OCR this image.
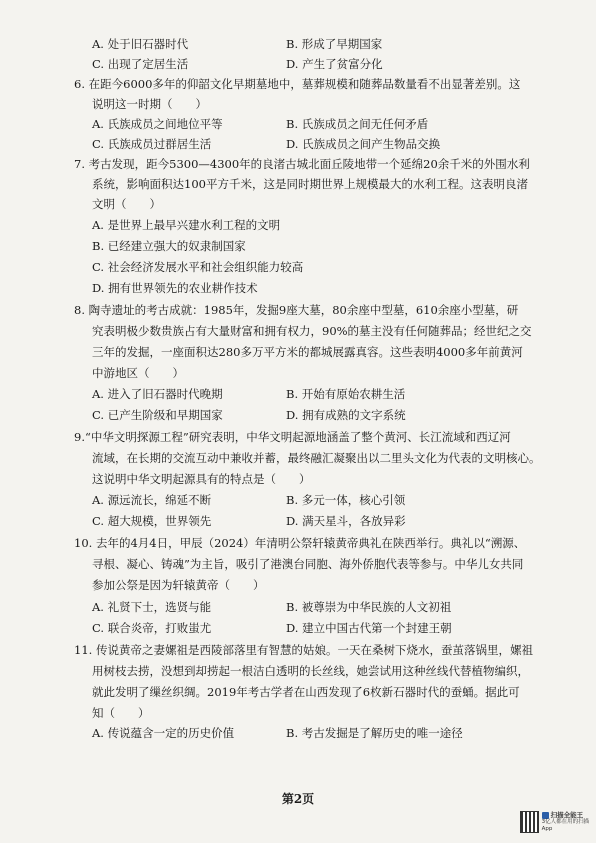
A. 处于旧石器时代	B. 形成了早期国家
C. 出现了定居生活	D. 产生了贫富分化
6. 在距今6000多年的仰韶文化早期墓地中，墓葬规模和随葬品数量看不出显著差别。这
说明这一时期（　　）
A. 氏族成员之间地位平等	B. 氏族成员之间无任何矛盾
C. 氏族成员过群居生活	D. 氏族成员之间产生物品交换
7. 考古发现，距今5300—4300年的良渚古城北面丘陵地带一个延绵20余千米的外围水利
系统，影响面积达100平方千米，这是同时期世界上规模最大的水利工程。这表明良渚
文明（　　）
A. 是世界上最早兴建水利工程的文明
B. 已经建立强大的奴隶制国家
C. 社会经济发展水平和社会组织能力较高
D. 拥有世界领先的农业耕作技术
8. 陶寺遗址的考古成就：1985年，发掘9座大墓，80余座中型墓，610余座小型墓，研
究表明极少数贵族占有大量财富和拥有权力，90%的墓主没有任何随葬品；经世纪之交
三年的发掘，一座面积达280多万平方米的都城展露真容。这些表明4000多年前黄河
中游地区（　　）
A. 进入了旧石器时代晚期	B. 开始有原始农耕生活
C. 已产生阶级和早期国家	D. 拥有成熟的文字系统
9.“中华文明探源工程”研究表明，中华文明起源地涵盖了整个黄河、长江流域和西辽河
流域，在长期的交流互动中兼收并蓄，最终融汇凝聚出以二里头文化为代表的文明核心。
这说明中华文明起源具有的特点是（　　）
A. 源远流长，绵延不断	B. 多元一体，核心引领
C. 超大规模，世界领先	D. 满天星斗，各放异彩
10. 去年的4月4日，甲辰（2024）年清明公祭轩辕黄帝典礼在陕西举行。典礼以“溯源、
寻根、凝心、铸魂”为主旨，吸引了港澳台同胞、海外侨胞代表等参与。中华儿女共同
参加公祭是因为轩辕黄帝（　　）
A. 礼贤下士，选贤与能	B. 被尊崇为中华民族的人文初祖
C. 联合炎帝，打败蚩尤	D. 建立中国古代第一个封建王朝
11. 传说黄帝之妻嫘祖是西陵部落里有智慧的姑娘。一天在桑树下烧水，蚕茧落锅里，嫘祖
用树枝去捞，没想到却捞起一根洁白透明的长丝线，她尝试用这种丝线代替植物编织，
就此发明了缫丝织绸。2019年考古学者在山西发现了6枚新石器时代的蚕蛹。据此可
知（　　）
A. 传说蕴含一定的历史价值	B. 考古发掘是了解历史的唯一途径
第2页
扫描全能王
3亿人都在用的扫描App
